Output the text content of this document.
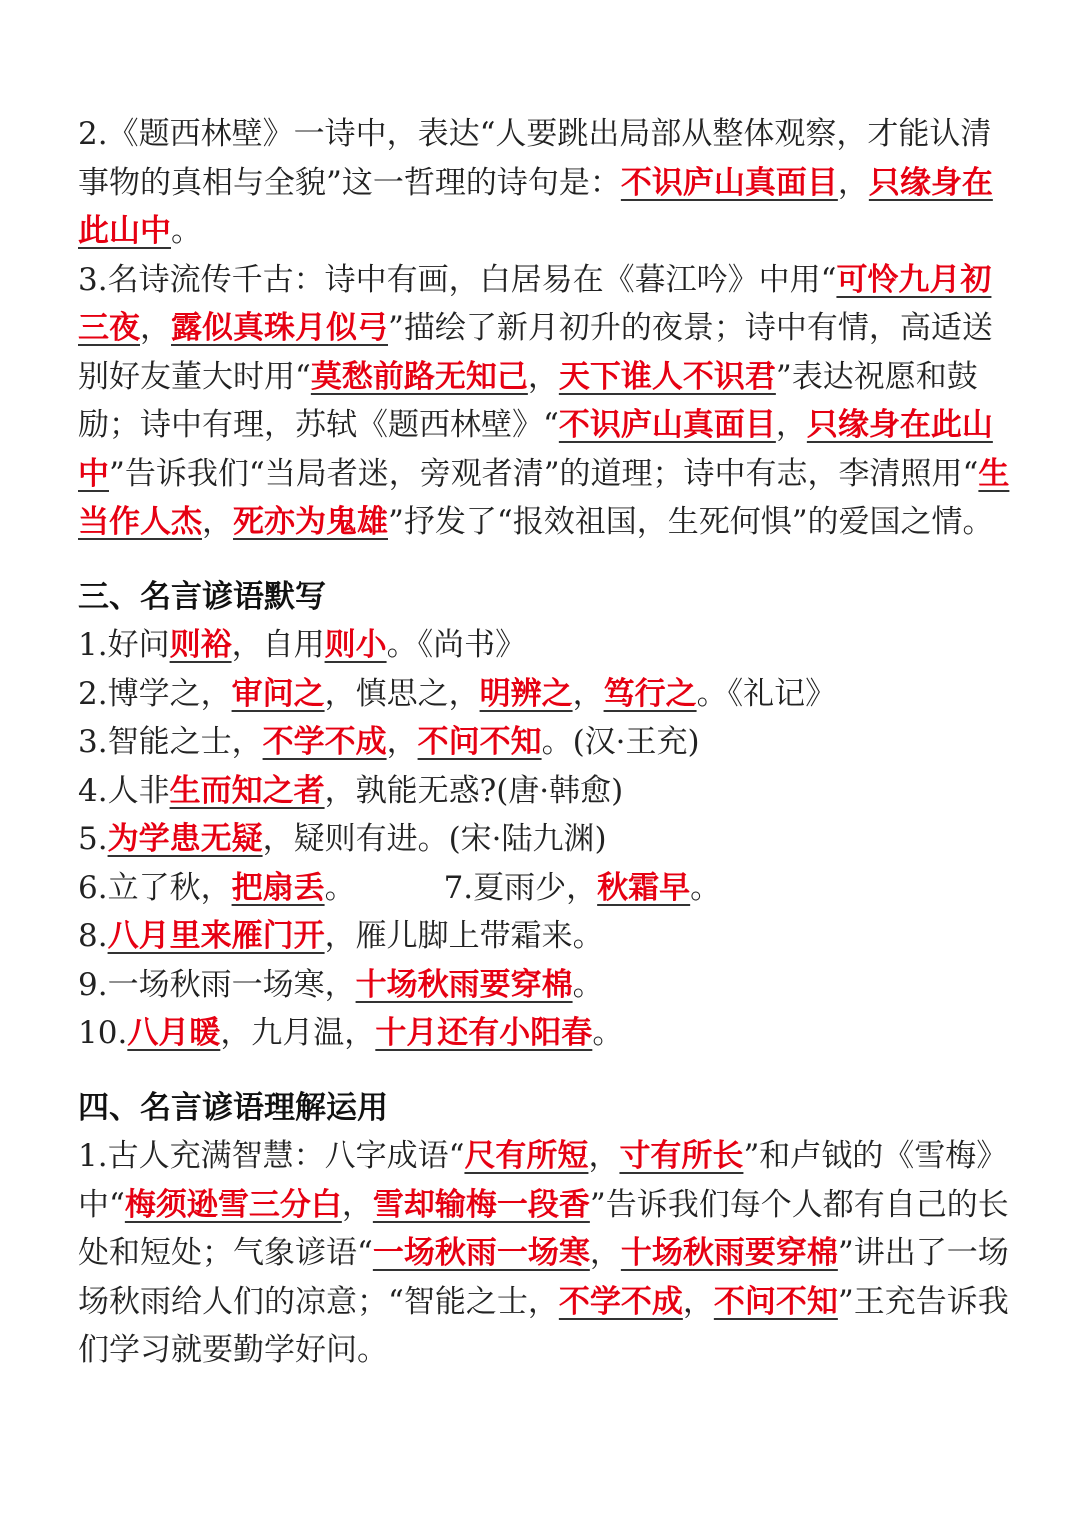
2.《题西林壁》一诗中，表达“人要跳出局部从整体观察，才能认清事物的真相与全貌”这一哲理的诗句是：不识庐山真面目，只缘身在此山中。

3.名诗流传千古：诗中有画，白居易在《暮江吟》中用“可怜九月初三夜，露似真珠月似弓”描绘了新月初升的夜景；诗中有情，高适送别好友董大时用“莫愁前路无知己，天下谁人不识君”表达祝愿和鼓励；诗中有理，苏轼《题西林壁》“不识庐山真面目，只缘身在此山中”告诉我们“当局者迷，旁观者清”的道理；诗中有志，李清照用“生当作人杰，死亦为鬼雄”抒发了“报效祖国，生死何惧”的爱国之情。

三、名言谚语默写

1.好问则裕，自用则小。《尚书》

2.博学之，审问之，慎思之，明辨之，笃行之。《礼记》

3.智能之士，不学不成，不问不知。(汉·王充)

4.人非生而知之者，孰能无惑?(唐·韩愈)

5.为学患无疑，疑则有进。(宋·陆九渊)

6.立了秋，把扇丢。	7.夏雨少，秋霜早。

8.八月里来雁门开，雁儿脚上带霜来。

9.一场秋雨一场寒，十场秋雨要穿棉。

10.八月暖，九月温，十月还有小阳春。

四、名言谚语理解运用

1.古人充满智慧：八字成语“尺有所短，寸有所长”和卢钺的《雪梅》中“梅须逊雪三分白，雪却输梅一段香”告诉我们每个人都有自己的长处和短处；气象谚语“一场秋雨一场寒，十场秋雨要穿棉”讲出了一场场秋雨给人们的凉意；“智能之士，不学不成，不问不知”王充告诉我们学习就要勤学好问。
